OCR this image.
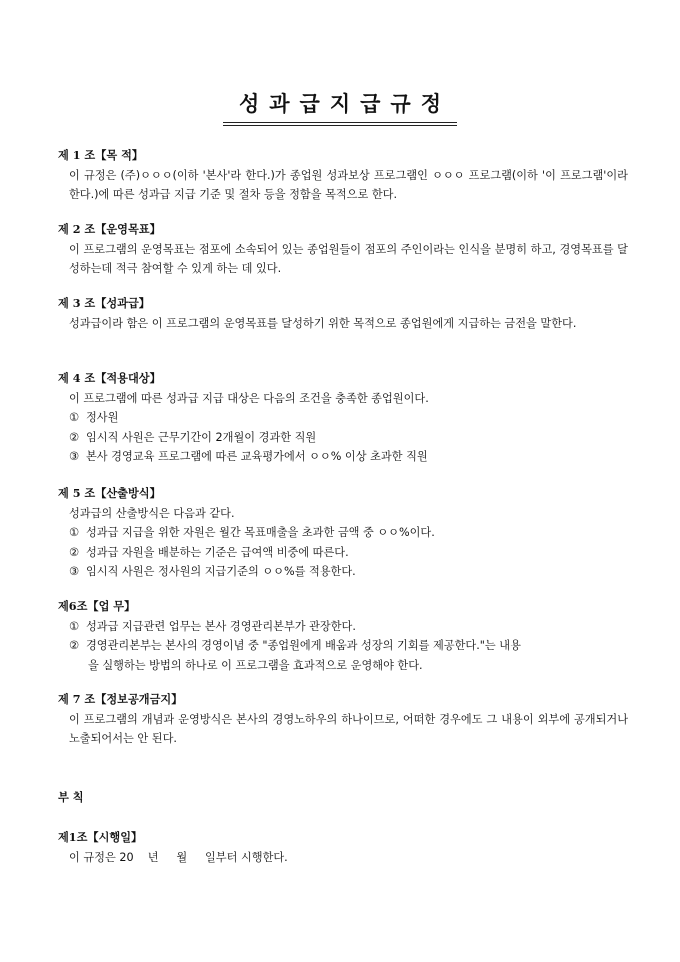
성과급지급규정
제 1 조【목 적】
이 규정은 (주)ㅇㅇㅇ(이하 '본사'라 한다.)가 종업원 성과보상 프로그램인 ㅇㅇㅇ 프로그램(이하 '이 프로그램'이라 한다.)에 따른 성과급 지급 기준 및 절차 등을 정함을 목적으로 한다.
제 2 조【운영목표】
이 프로그램의 운영목표는 점포에 소속되어 있는 종업원들이 점포의 주인이라는 인식을 분명히 하고, 경영목표를 달성하는데 적극 참여할 수 있게 하는 데 있다.
제 3 조【성과급】
성과급이라 함은 이 프로그램의 운영목표를 달성하기 위한 목적으로 종업원에게 지급하는 금전을 말한다.
제 4 조【적용대상】
이 프로그램에 따른 성과급 지급 대상은 다음의 조건을 충족한 종업원이다.
① 정사원
② 임시직 사원은 근무기간이 2개월이 경과한 직원
③ 본사 경영교육 프로그램에 따른 교육평가에서 ㅇㅇ% 이상 초과한 직원
제 5 조【산출방식】
성과급의 산출방식은 다음과 같다.
① 성과급 지급을 위한 자원은 월간 목표매출을 초과한 금액 중 ㅇㅇ%이다.
② 성과급 자원을 배분하는 기준은 급여액 비중에 따른다.
③ 임시직 사원은 정사원의 지급기준의 ㅇㅇ%를 적용한다.
제6조【업 무】
① 성과급 지급관련 업무는 본사 경영관리본부가 관장한다.
② 경영관리본부는 본사의 경영이념 중 "종업원에게 배움과 성장의 기회를 제공한다."는 내용
을 실행하는 방법의 하나로 이 프로그램을 효과적으로 운영해야 한다.
제 7 조【정보공개금지】
이 프로그램의 개념과 운영방식은 본사의 경영노하우의 하나이므로, 어떠한 경우에도 그 내용이 외부에 공개되거나 노출되어서는 안 된다.
부 칙
제1조【시행일】
이 규정은 20    년     월     일부터 시행한다.
